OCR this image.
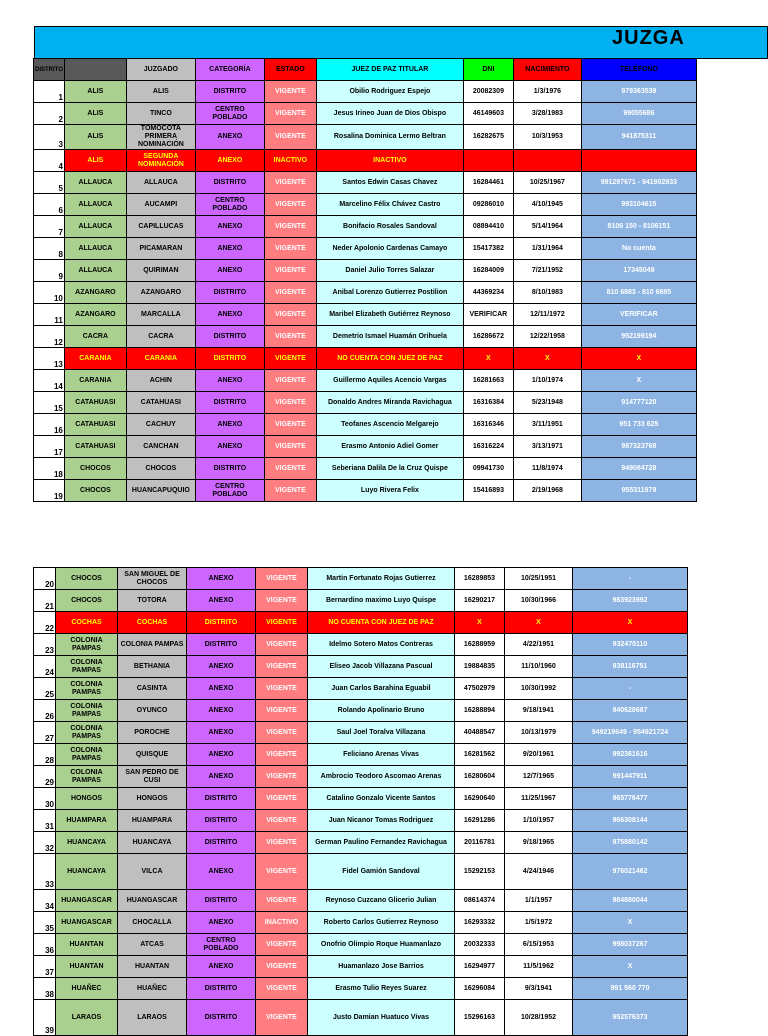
JUZGA
DISTRITO		JUZGADO	CATEGORÍA	ESTADO	JUEZ DE PAZ TITULAR	DNI	NACIMIENTO	TELÉFONO
1	ALIS	ALIS	DISTRITO	VIGENTE	Obilio Rodriguez Espejo	20082309	1/3/1976	979363539
2	ALIS	TINCO	CENTRO POBLADO	VIGENTE	Jesus Irineo Juan de Dios Obispo	46149603	3/28/1983	99055686
3	ALIS	TOMOCOTA PRIMERA NOMINACIÓN	ANEXO	VIGENTE	Rosalina Dominica Lermo Beltran	16282675	10/3/1953	941875311
4	ALIS	SEGUNDA NOMINACIÓN	ANEXO	INACTIVO	INACTIVO			
5	ALLAUCA	ALLAUCA	DISTRITO	VIGENTE	Santos Edwin Casas Chavez	16284461	10/25/1967	991297671 - 941902833
6	ALLAUCA	AUCAMPI	CENTRO POBLADO	VIGENTE	Marcelino Félix Chávez Castro	09286010	4/10/1945	993104615
7	ALLAUCA	CAPILLUCAS	ANEXO	VIGENTE	Bonifacio Rosales Sandoval	08894410	5/14/1964	8106 150 - 8106151
8	ALLAUCA	PICAMARAN	ANEXO	VIGENTE	Neder Apolonio Cardenas Camayo	15417382	1/31/1964	No cuenta
9	ALLAUCA	QUIRIMAN	ANEXO	VIGENTE	Daniel Julio Torres Salazar	16284009	7/21/1952	17345049
10	AZANGARO	AZANGARO	DISTRITO	VIGENTE	Anibal Lorenzo Gutierrez Postilion	44369234	8/10/1983	810 6883 - 810 6885
11	AZANGARO	MARCALLA	ANEXO	VIGENTE	Maribel Elizabeth Gutiérrez Reynoso	VERIFICAR	12/11/1972	VERIFICAR
12	CACRA	CACRA	DISTRITO	VIGENTE	Demetrio Ismael Huamán Orihuela	16286672	12/22/1958	952199194
13	CARANIA	CARANIA	DISTRITO	VIGENTE	NO CUENTA CON JUEZ DE PAZ	X	X	X
14	CARANIA	ACHIN	ANEXO	VIGENTE	Guillermo Aquiles Acencio Vargas	16281663	1/10/1974	X
15	CATAHUASI	CATAHUASI	DISTRITO	VIGENTE	Donaldo Andres Miranda Ravichagua	16316384	5/23/1948	914777120
16	CATAHUASI	CACHUY	ANEXO	VIGENTE	Teofanes Ascencio Melgarejo	16316346	3/11/1951	951 733 625
17	CATAHUASI	CANCHAN	ANEXO	VIGENTE	Erasmo Antonio Adiel Gomer	16316224	3/13/1971	987323768
18	CHOCOS	CHOCOS	DISTRITO	VIGENTE	Seberiana Dalila De la Cruz Quispe	09941730	11/8/1974	949084728
19	CHOCOS	HUANCAPUQUIO	CENTRO POBLADO	VIGENTE	Luyo Rivera Felix	15416893	2/19/1968	955311979
20	CHOCOS	SAN MIGUEL DE CHOCOS	ANEXO	VIGENTE	Martin Fortunato Rojas Gutierrez	16289853	10/25/1951	-
21	CHOCOS	TOTORA	ANEXO	VIGENTE	Bernardino maximo Luyo Quispe	16290217	10/30/1966	983923992
22	COCHAS	COCHAS	DISTRITO	VIGENTE	NO CUENTA CON JUEZ DE PAZ	X	X	X
23	COLONIA PAMPAS	COLONIA PAMPAS	DISTRITO	VIGENTE	Idelmo Sotero Matos Contreras	16288959	4/22/1951	932470110
24	COLONIA PAMPAS	BETHANIA	ANEXO	VIGENTE	Eliseo Jacob Villazana Pascual	19884835	11/10/1960	938116751
25	COLONIA PAMPAS	CASINTA	ANEXO	VIGENTE	Juan Carlos Barahina Eguabil	47502979	10/30/1992	-
26	COLONIA PAMPAS	OYUNCO	ANEXO	VIGENTE	Rolando Apolinario Bruno	16288894	9/18/1941	940628687
27	COLONIA PAMPAS	POROCHE	ANEXO	VIGENTE	Saul Joel Toralva Villazana	40488547	10/13/1979	949219649 - 954921724
28	COLONIA PAMPAS	QUISQUE	ANEXO	VIGENTE	Feliciano Arenas Vivas	16281562	9/20/1961	992361616
29	COLONIA PAMPAS	SAN PEDRO DE CUSI	ANEXO	VIGENTE	Ambrocio Teodoro Ascomao Arenas	16280604	12/7/1965	991447911
30	HONGOS	HONGOS	DISTRITO	VIGENTE	Catalino Gonzalo Vicente Santos	16290640	11/25/1967	965776477
31	HUAMPARA	HUAMPARA	DISTRITO	VIGENTE	Juan Nicanor Tomas Rodriguez	16291286	1/10/1957	966308144
32	HUANCAYA	HUANCAYA	DISTRITO	VIGENTE	German Paulino Fernandez Ravichagua	20116781	9/18/1965	975880142
33	HUANCAYA	VILCA	ANEXO	VIGENTE	Fidel Gamión Sandoval	15292153	4/24/1946	976021462
34	HUANGASCAR	HUANGASCAR	DISTRITO	VIGENTE	Reynoso Cuzcano Glicerio Julian	08614374	1/1/1957	984880044
35	HUANGASCAR	CHOCALLA	ANEXO	INACTIVO	Roberto Carlos Gutierrez Reynoso	16293332	1/5/1972	X
36	HUANTAN	ATCAS	CENTRO POBLADO	VIGENTE	Onofrio Olimpio Roque Huamanlazo	20032333	6/15/1953	998037267
37	HUANTAN	HUANTAN	ANEXO	VIGENTE	Huamanlazo Jose Barrios	16294977	11/5/1962	X
38	HUAÑEC	HUAÑEC	DISTRITO	VIGENTE	Erasmo Tulio Reyes Suarez	16296084	9/3/1941	991 560 770
39	LARAOS	LARAOS	DISTRITO	VIGENTE	Justo Damian Huatuco Vivas	15296163	10/28/1952	952576373
